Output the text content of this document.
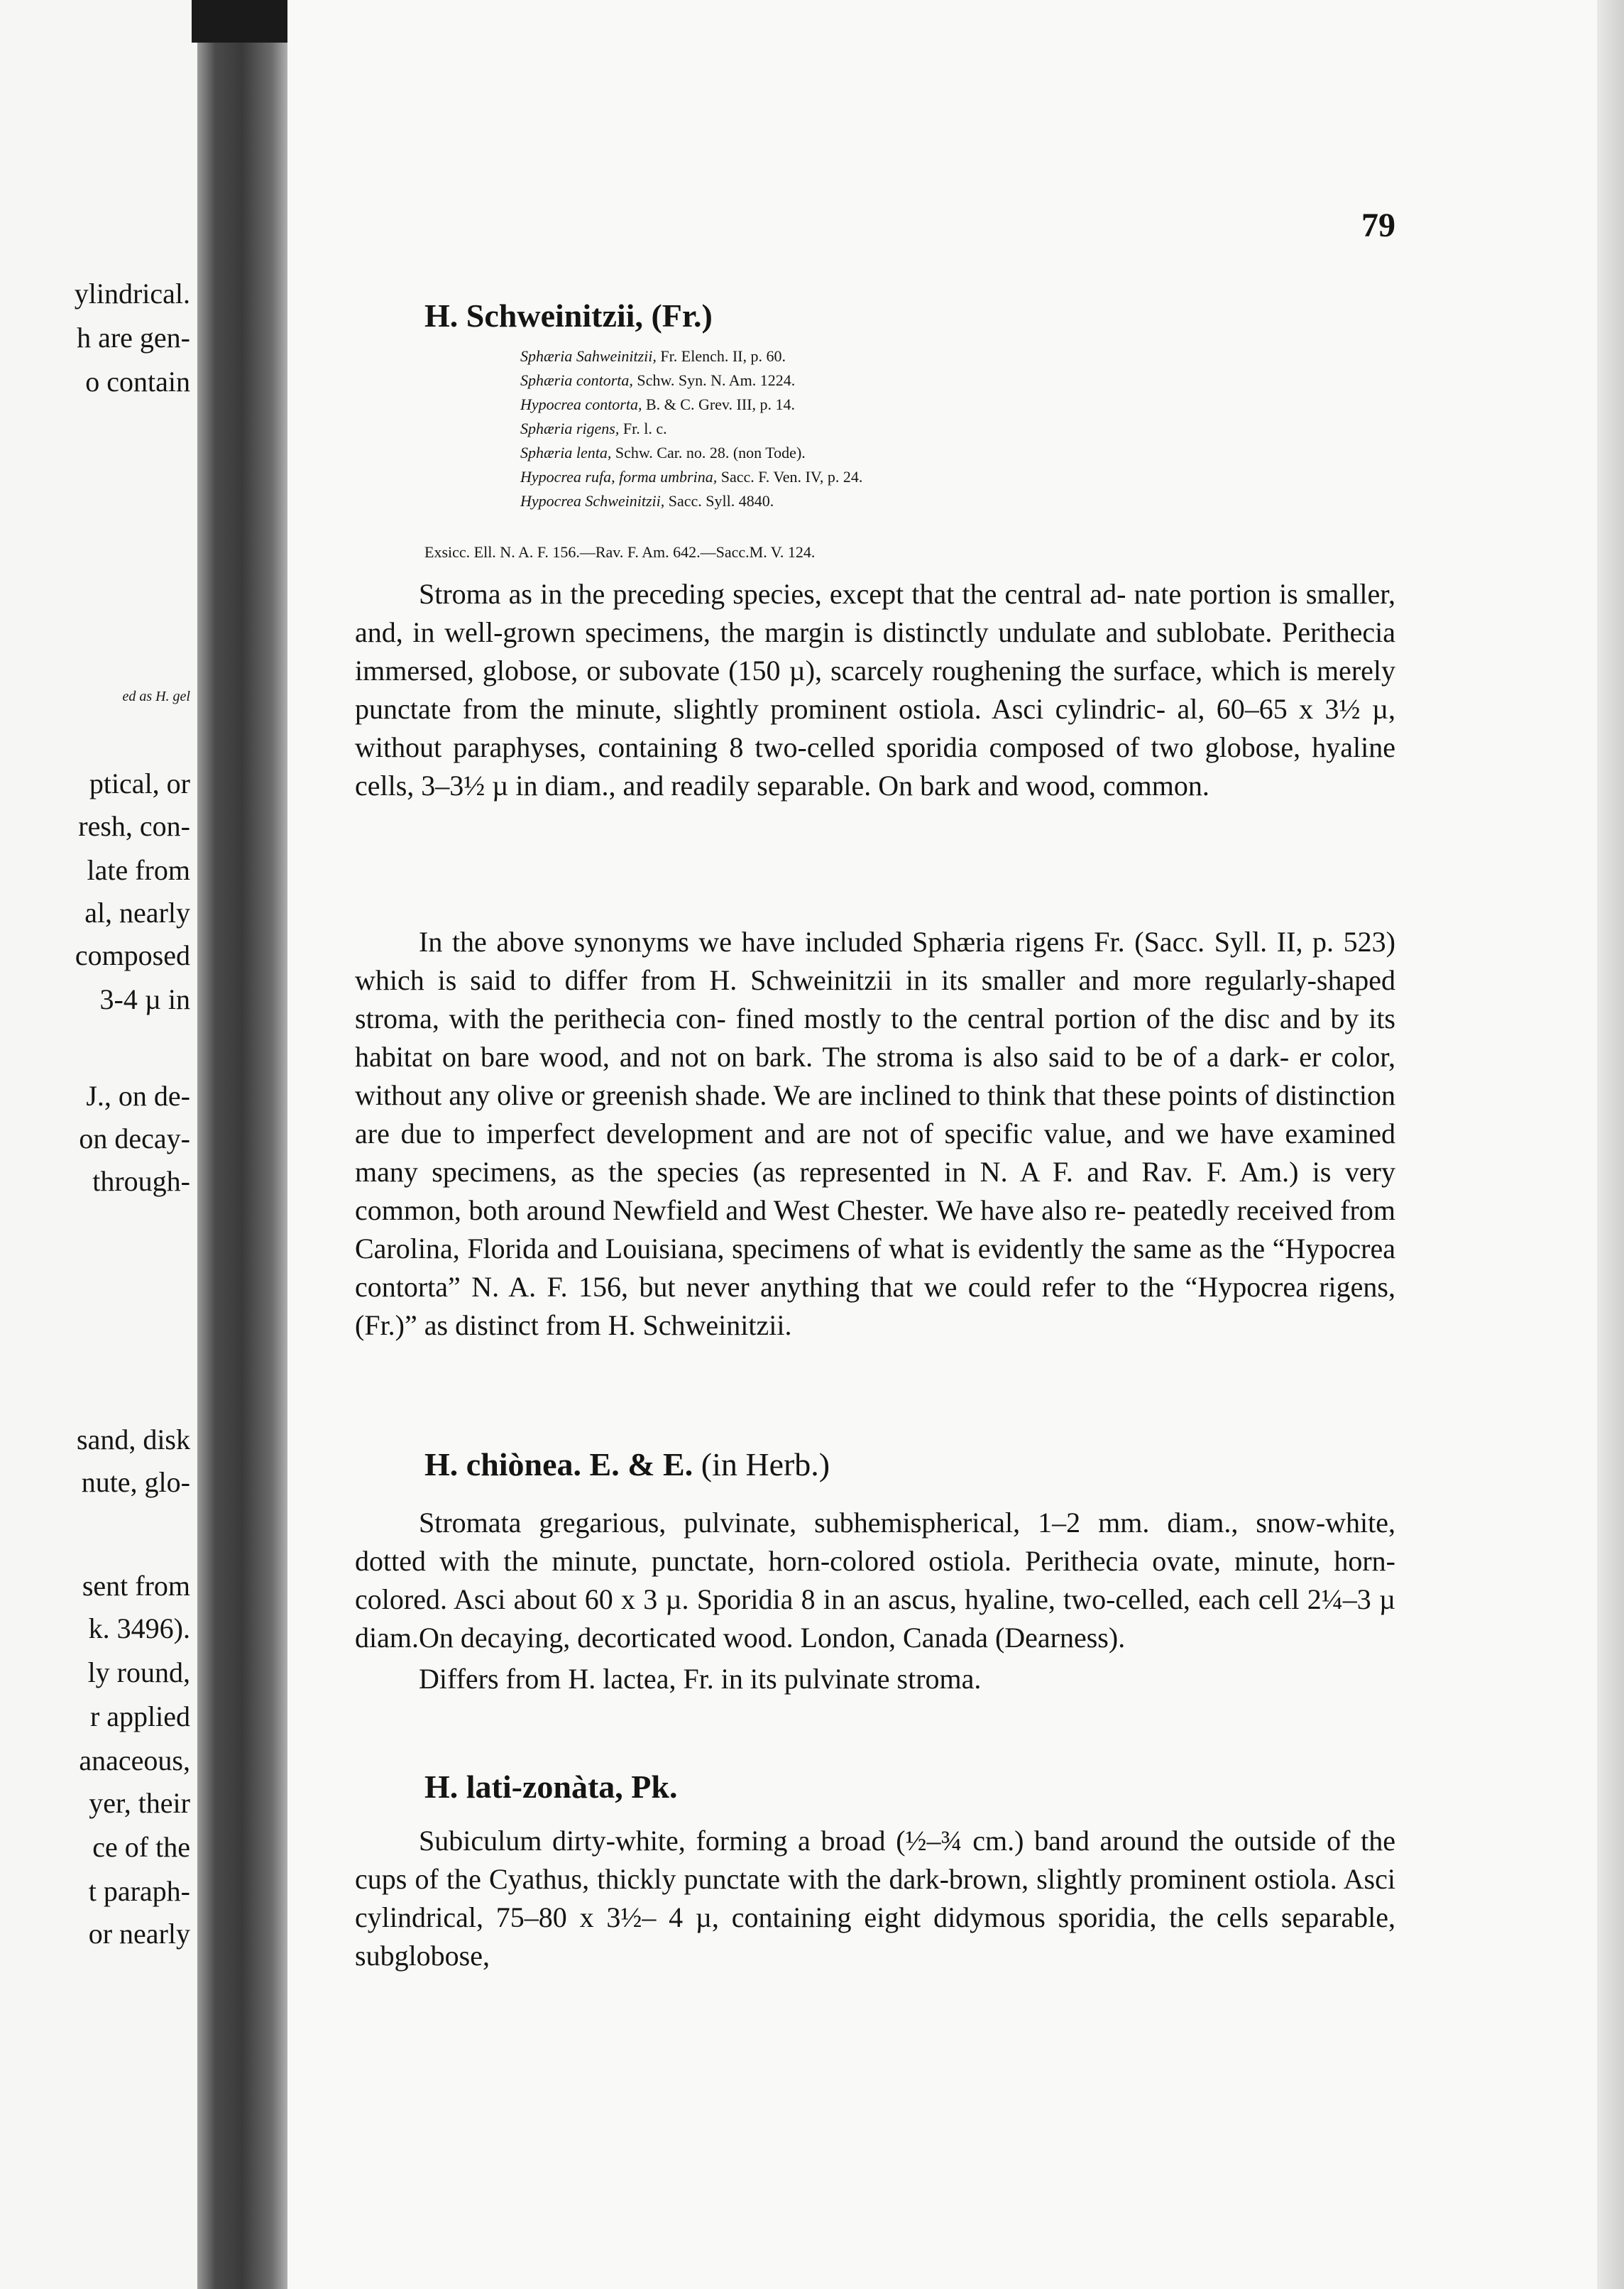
ylindrical.
h are gen-
o contain
ed as H. gel
ptical, or
resh, con-
late from
al, nearly
composed
3-4 µ in
J., on de-
on decay-
through-
sand, disk
nute, glo-
sent from
k. 3496).
ly round,
r applied
anaceous,
yer, their
ce of the
t paraph-
or nearly
79
H. Schweinitzii, (Fr.)
Sphæria Sahweinitzii, Fr. Elench. II, p. 60.
Sphæria contorta, Schw. Syn. N. Am. 1224.
Hypocrea contorta, B. & C. Grev. III, p. 14.
Sphæria rigens, Fr. l. c.
Sphæria lenta, Schw. Car. no. 28. (non Tode).
Hypocrea rufa, forma umbrina, Sacc. F. Ven. IV, p. 24.
Hypocrea Schweinitzii, Sacc. Syll. 4840.
Exsicc. Ell. N. A. F. 156.—Rav. F. Am. 642.—Sacc.M. V. 124.
Stroma as in the preceding species, except that the central ad- nate portion is smaller, and, in well-grown specimens, the margin is distinctly undulate and sublobate. Perithecia immersed, globose, or subovate (150 µ), scarcely roughening the surface, which is merely punctate from the minute, slightly prominent ostiola. Asci cylindric- al, 60–65 x 3½ µ, without paraphyses, containing 8 two-celled sporidia composed of two globose, hyaline cells, 3–3½ µ in diam., and readily separable. On bark and wood, common.
In the above synonyms we have included Sphæria rigens Fr. (Sacc. Syll. II, p. 523) which is said to differ from H. Schweinitzii in its smaller and more regularly-shaped stroma, with the perithecia con- fined mostly to the central portion of the disc and by its habitat on bare wood, and not on bark. The stroma is also said to be of a dark- er color, without any olive or greenish shade. We are inclined to think that these points of distinction are due to imperfect development and are not of specific value, and we have examined many specimens, as the species (as represented in N. A F. and Rav. F. Am.) is very common, both around Newfield and West Chester. We have also re- peatedly received from Carolina, Florida and Louisiana, specimens of what is evidently the same as the “Hypocrea contorta” N. A. F. 156, but never anything that we could refer to the “Hypocrea rigens, (Fr.)” as distinct from H. Schweinitzii.
H. chiònea. E. & E. (in Herb.)
Stromata gregarious, pulvinate, subhemispherical, 1–2 mm. diam., snow-white, dotted with the minute, punctate, horn-colored ostiola. Perithecia ovate, minute, horn-colored. Asci about 60 x 3 µ. Sporidia 8 in an ascus, hyaline, two-celled, each cell 2¼–3 µ diam. On decaying, decorticated wood. London, Canada (Dearness).
Differs from H. lactea, Fr. in its pulvinate stroma.
H. lati-zonàta, Pk.
Subiculum dirty-white, forming a broad (½–¾ cm.) band around the outside of the cups of the Cyathus, thickly punctate with the dark-brown, slightly prominent ostiola. Asci cylindrical, 75–80 x 3½– 4 µ, containing eight didymous sporidia, the cells separable, subglobose,
